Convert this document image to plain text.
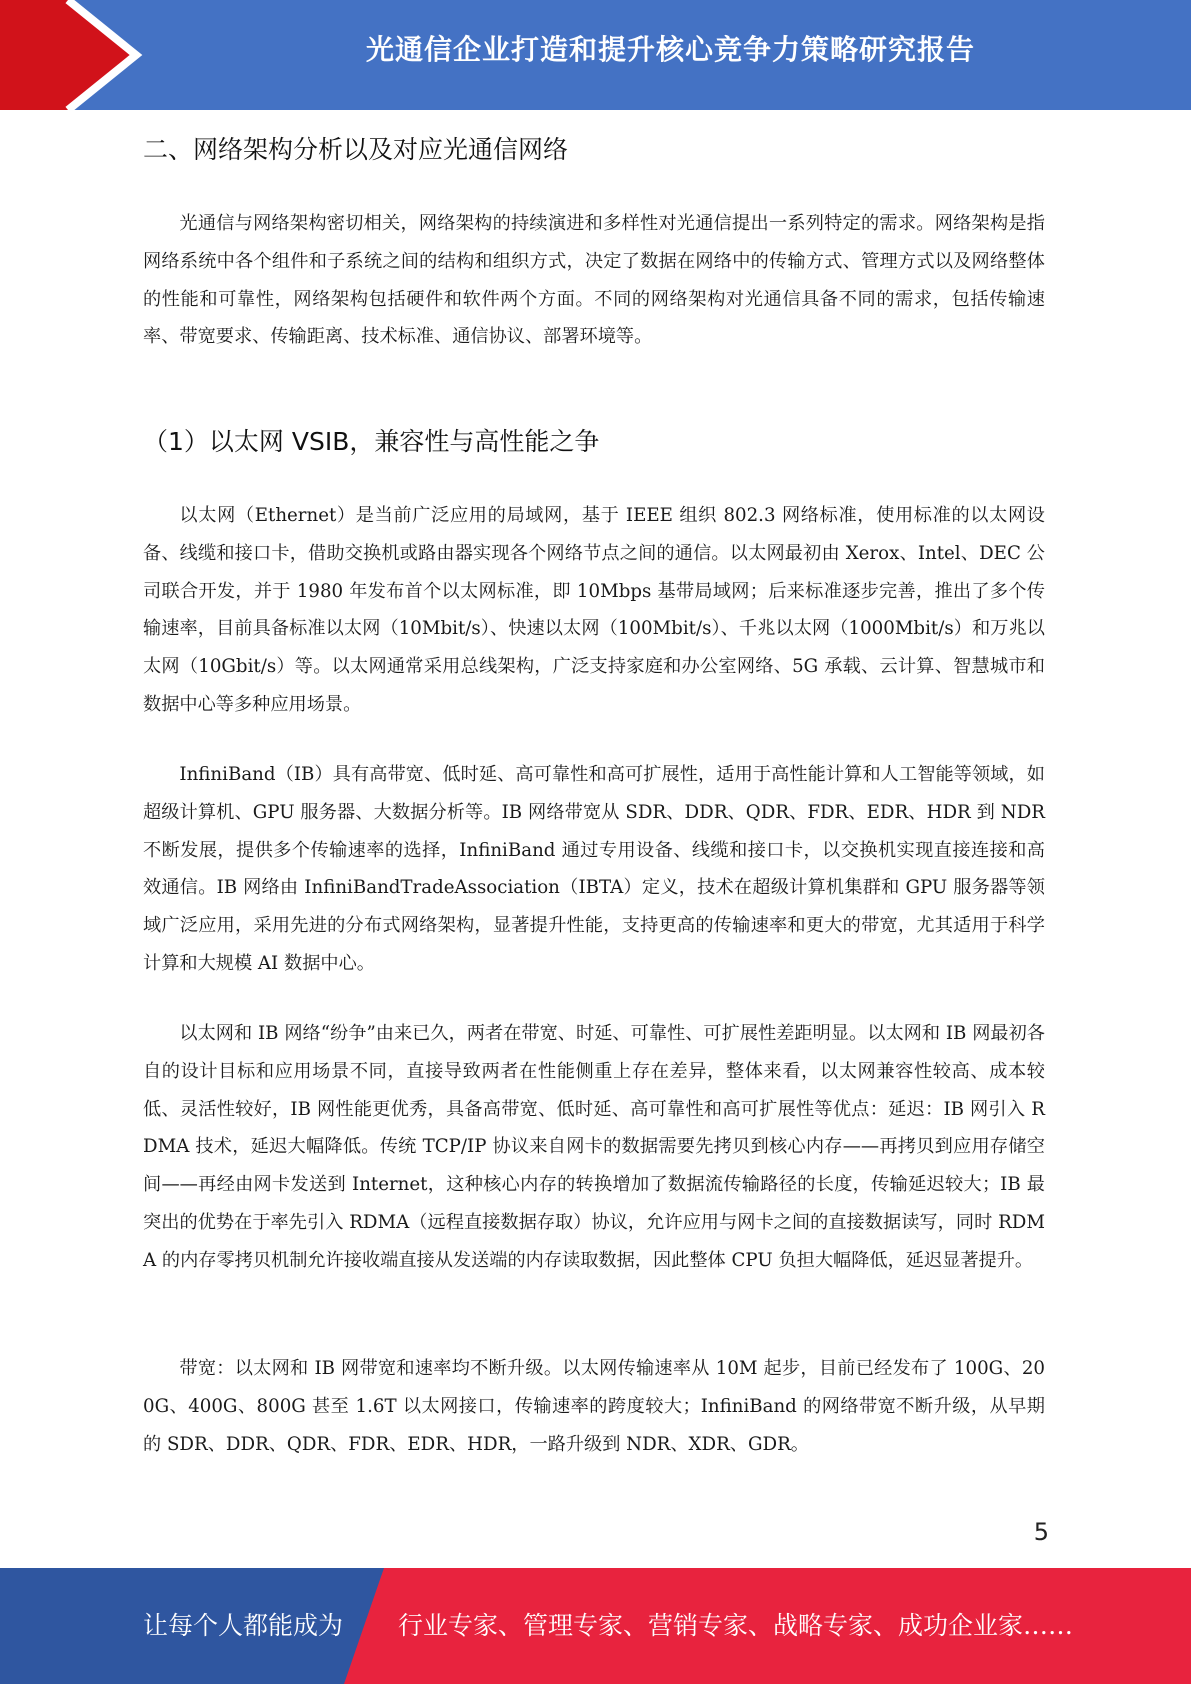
光通信企业打造和提升核心竞争力策略研究报告
二、网络架构分析以及对应光通信网络

光通信与网络架构密切相关，网络架构的持续演进和多样性对光通信提出一系列特定的需求。网络架构是指网络系统中各个组件和子系统之间的结构和组织方式，决定了数据在网络中的传输方式、管理方式以及网络整体的性能和可靠性，网络架构包括硬件和软件两个方面。不同的网络架构对光通信具备不同的需求，包括传输速率、带宽要求、传输距离、技术标准、通信协议、部署环境等。

（1）以太网 VSIB，兼容性与高性能之争

以太网（Ethernet）是当前广泛应用的局域网，基于 IEEE 组织 802.3 网络标准，使用标准的以太网设备、线缆和接口卡，借助交换机或路由器实现各个网络节点之间的通信。以太网最初由 Xerox、Intel、DEC 公司联合开发，并于 1980 年发布首个以太网标准，即 10Mbps 基带局域网；后来标准逐步完善，推出了多个传输速率，目前具备标准以太网（10Mbit/s）、快速以太网（100Mbit/s）、千兆以太网（1000Mbit/s）和万兆以太网（10Gbit/s）等。以太网通常采用总线架构，广泛支持家庭和办公室网络、5G 承载、云计算、智慧城市和数据中心等多种应用场景。

InfiniBand（IB）具有高带宽、低时延、高可靠性和高可扩展性，适用于高性能计算和人工智能等领域，如超级计算机、GPU 服务器、大数据分析等。IB 网络带宽从 SDR、DDR、QDR、FDR、EDR、HDR 到 NDR 不断发展，提供多个传输速率的选择，InfiniBand 通过专用设备、线缆和接口卡，以交换机实现直接连接和高效通信。IB 网络由 InfiniBandTradeAssociation（IBTA）定义，技术在超级计算机集群和 GPU 服务器等领域广泛应用，采用先进的分布式网络架构，显著提升性能，支持更高的传输速率和更大的带宽，尤其适用于科学计算和大规模 AI 数据中心。

以太网和 IB 网络“纷争”由来已久，两者在带宽、时延、可靠性、可扩展性差距明显。以太网和 IB 网最初各自的设计目标和应用场景不同，直接导致两者在性能侧重上存在差异，整体来看，以太网兼容性较高、成本较低、灵活性较好，IB 网性能更优秀，具备高带宽、低时延、高可靠性和高可扩展性等优点：延迟：IB 网引入 RDMA 技术，延迟大幅降低。传统 TCP/IP 协议来自网卡的数据需要先拷贝到核心内存——再拷贝到应用存储空间——再经由网卡发送到 Internet，这种核心内存的转换增加了数据流传输路径的长度，传输延迟较大；IB 最突出的优势在于率先引入 RDMA（远程直接数据存取）协议，允许应用与网卡之间的直接数据读写，同时 RDMA 的内存零拷贝机制允许接收端直接从发送端的内存读取数据，因此整体 CPU 负担大幅降低，延迟显著提升。

带宽：以太网和 IB 网带宽和速率均不断升级。以太网传输速率从 10M 起步，目前已经发布了 100G、200G、400G、800G 甚至 1.6T 以太网接口，传输速率的跨度较大；InfiniBand 的网络带宽不断升级，从早期的 SDR、DDR、QDR、FDR、EDR、HDR，一路升级到 NDR、XDR、GDR。

5
让每个人都能成为 行业专家、管理专家、营销专家、战略专家、成功企业家……
